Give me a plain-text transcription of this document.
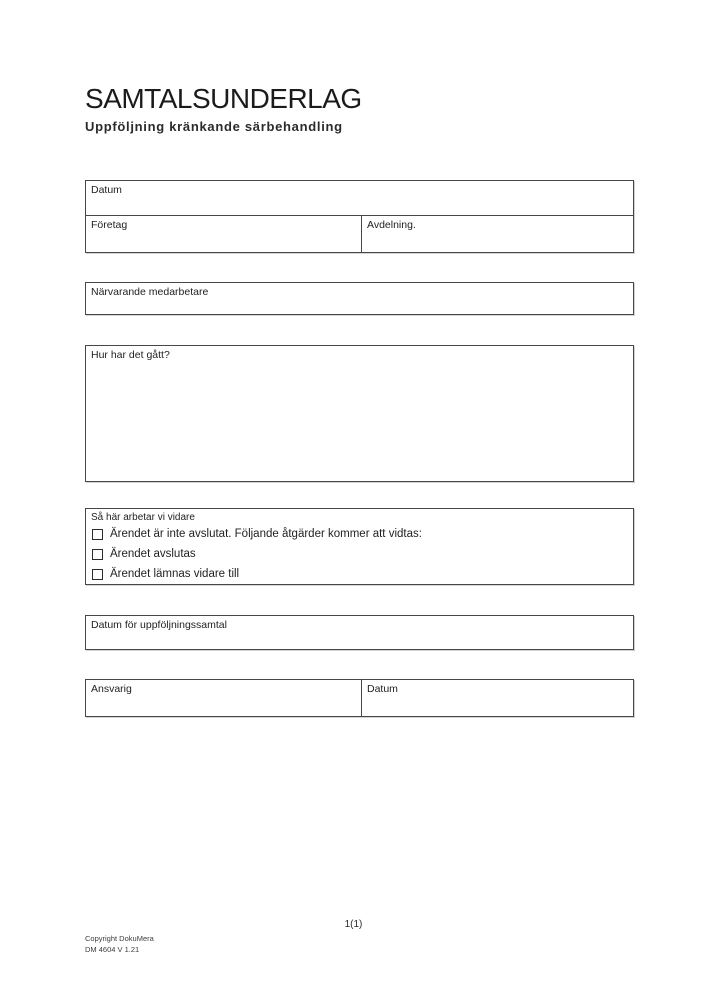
SAMTALSUNDERLAG
Uppföljning kränkande särbehandling
Datum
Företag	Avdelning.
Närvarande medarbetare
Hur har det gått?
Så här arbetar vi vidare
Ärendet är inte avslutat. Följande åtgärder kommer att vidtas:
Ärendet avslutas
Ärendet lämnas vidare till
Datum för uppföljningssamtal
Ansvarig	Datum
1(1)
Copyright DokuMera
DM 4604 V 1.21
